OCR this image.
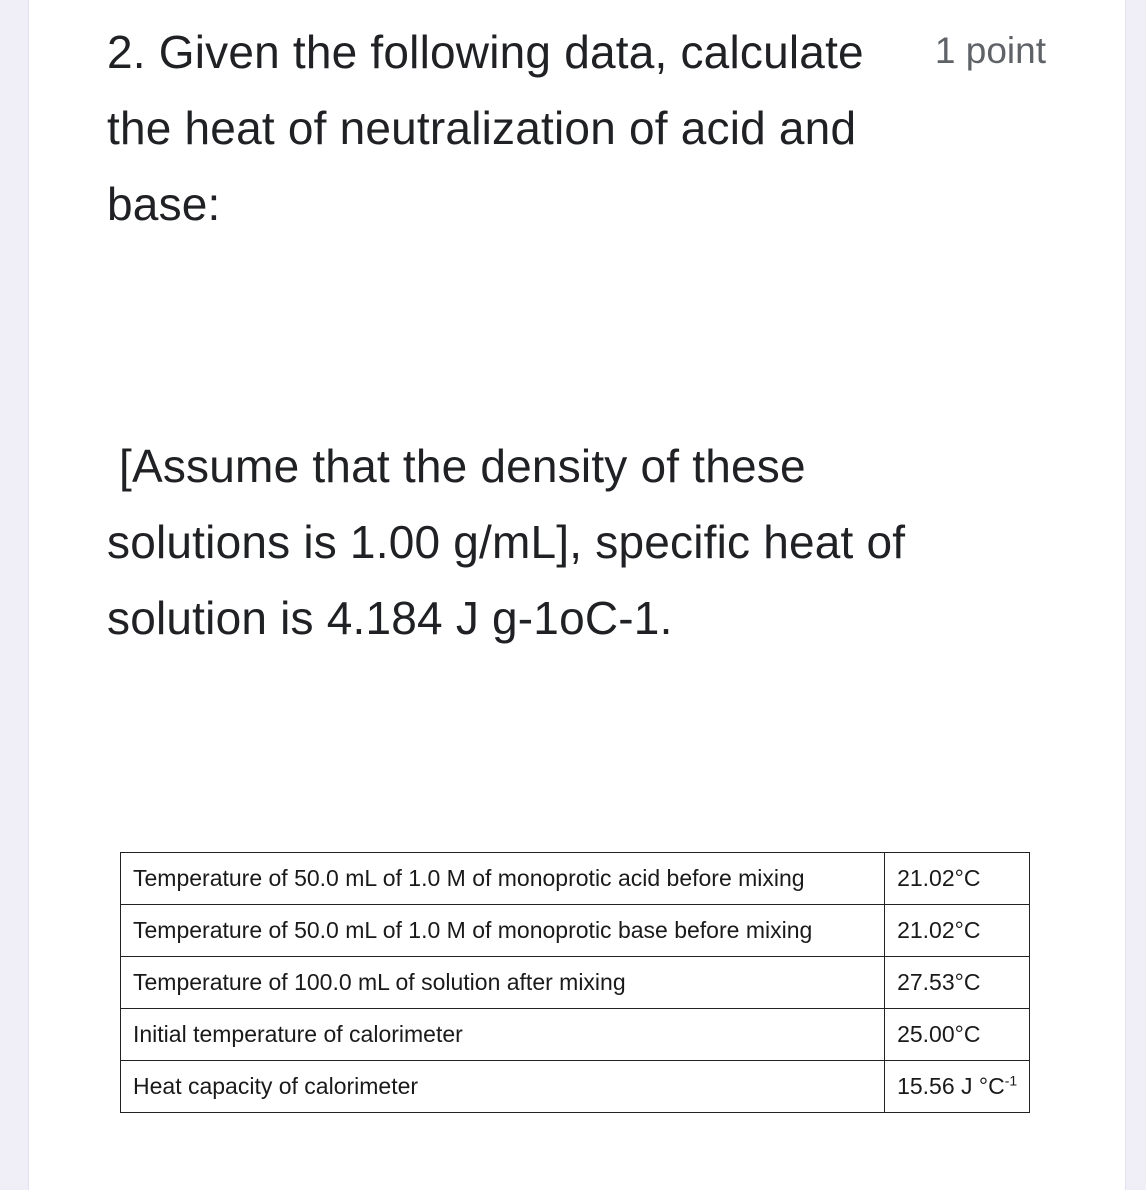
2. Given the following data, calculate the heat of neutralization of acid and base:
1 point

[Assume that the density of these
solutions is 1.00 g/mL], specific heat of solution is 4.184 J g-1oC-1.

Temperature of 50.0 mL of 1.0 M of monoprotic acid before mixing	21.02°C
Temperature of 50.0 mL of 1.0 M of monoprotic base before mixing	21.02°C
Temperature of 100.0 mL of solution after mixing	27.53°C
Initial temperature of calorimeter	25.00°C
Heat capacity of calorimeter	15.56 J $^\circ C^{-1}$
